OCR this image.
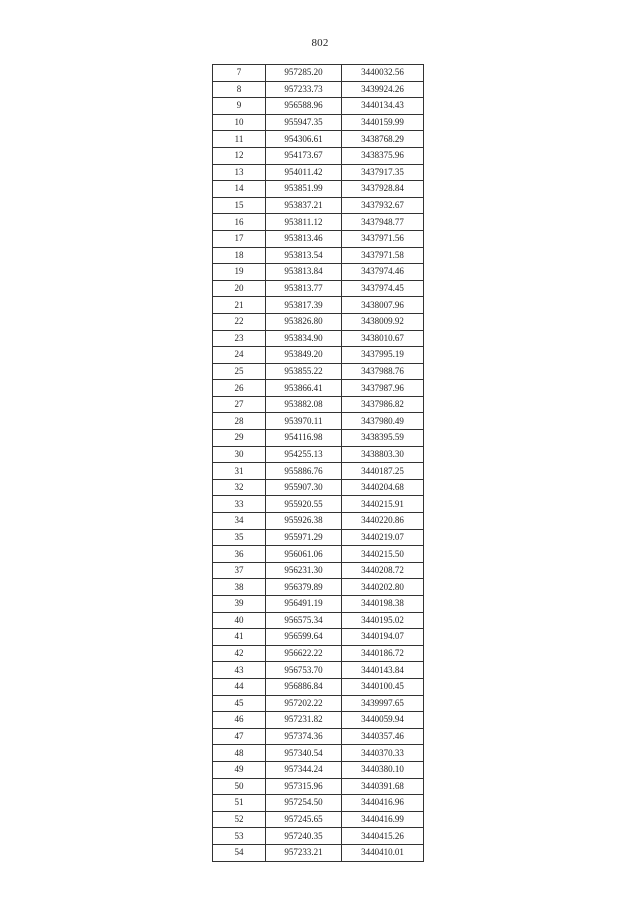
802
7	957285.20	3440032.56
8	957233.73	3439924.26
9	956588.96	3440134.43
10	955947.35	3440159.99
11	954306.61	3438768.29
12	954173.67	3438375.96
13	954011.42	3437917.35
14	953851.99	3437928.84
15	953837.21	3437932.67
16	953811.12	3437948.77
17	953813.46	3437971.56
18	953813.54	3437971.58
19	953813.84	3437974.46
20	953813.77	3437974.45
21	953817.39	3438007.96
22	953826.80	3438009.92
23	953834.90	3438010.67
24	953849.20	3437995.19
25	953855.22	3437988.76
26	953866.41	3437987.96
27	953882.08	3437986.82
28	953970.11	3437980.49
29	954116.98	3438395.59
30	954255.13	3438803.30
31	955886.76	3440187.25
32	955907.30	3440204.68
33	955920.55	3440215.91
34	955926.38	3440220.86
35	955971.29	3440219.07
36	956061.06	3440215.50
37	956231.30	3440208.72
38	956379.89	3440202.80
39	956491.19	3440198.38
40	956575.34	3440195.02
41	956599.64	3440194.07
42	956622.22	3440186.72
43	956753.70	3440143.84
44	956886.84	3440100.45
45	957202.22	3439997.65
46	957231.82	3440059.94
47	957374.36	3440357.46
48	957340.54	3440370.33
49	957344.24	3440380.10
50	957315.96	3440391.68
51	957254.50	3440416.96
52	957245.65	3440416.99
53	957240.35	3440415.26
54	957233.21	3440410.01
